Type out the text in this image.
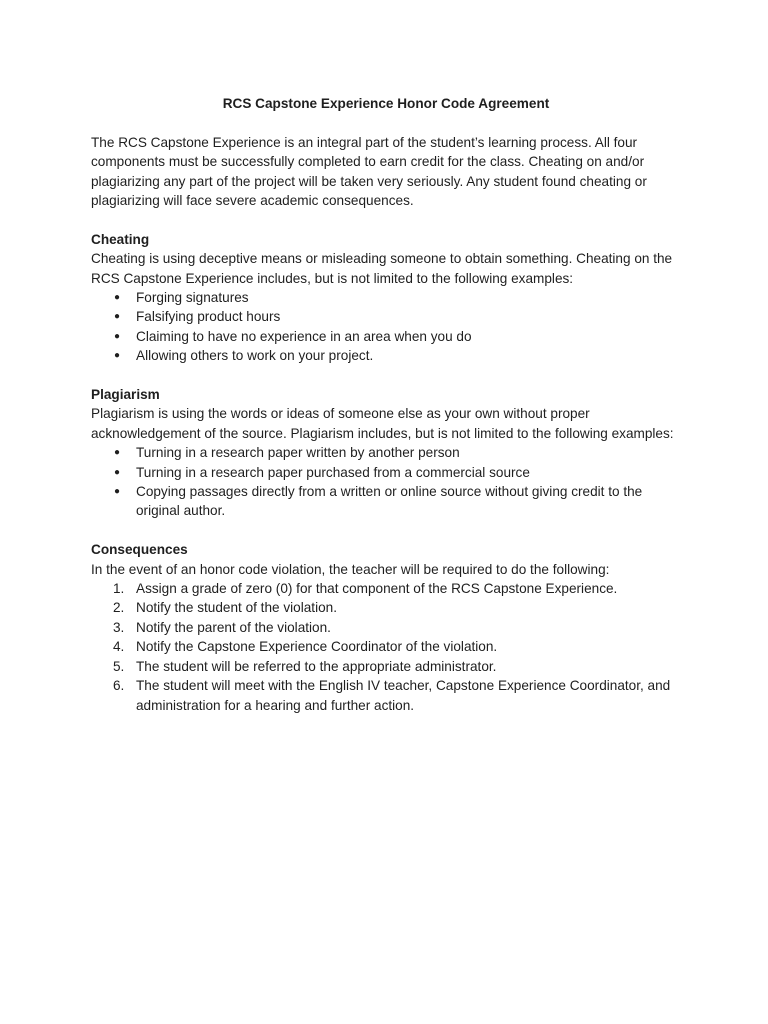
RCS Capstone Experience Honor Code Agreement

The RCS Capstone Experience is an integral part of the student’s learning process. All four components must be successfully completed to earn credit for the class. Cheating on and/or plagiarizing any part of the project will be taken very seriously. Any student found cheating or plagiarizing will face severe academic consequences.

Cheating

Cheating is using deceptive means or misleading someone to obtain something. Cheating on the RCS Capstone Experience includes, but is not limited to the following examples:

●	Forging signatures
●	Falsifying product hours
●	Claiming to have no experience in an area when you do
●	Allowing others to work on your project.
Plagiarism

Plagiarism is using the words or ideas of someone else as your own without proper acknowledgement of the source. Plagiarism includes, but is not limited to the following examples:

●	Turning in a research paper written by another person
●	Turning in a research paper purchased from a commercial source
●	Copying passages directly from a written or online source without giving credit to the original author.
Consequences

In the event of an honor code violation, the teacher will be required to do the following:

1. Assign a grade of zero (0) for that component of the RCS Capstone Experience.
2. Notify the student of the violation.
3. Notify the parent of the violation.
4. Notify the Capstone Experience Coordinator of the violation.
5. The student will be referred to the appropriate administrator.
6. The student will meet with the English IV teacher, Capstone Experience Coordinator, and administration for a hearing and further action.
